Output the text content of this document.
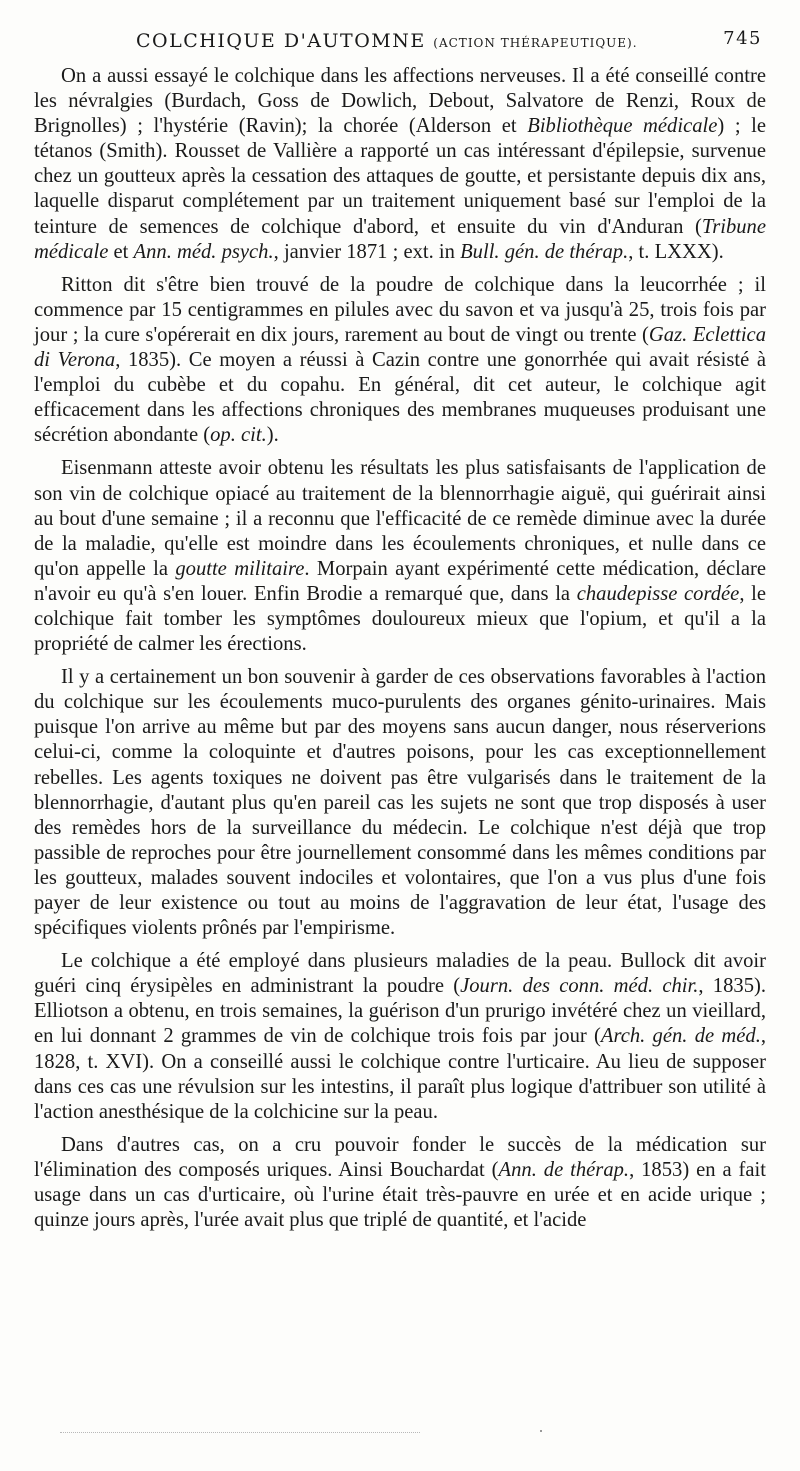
COLCHIQUE D'AUTOMNE (ACTION THÉRAPEUTIQUE).	745

On a aussi essayé le colchique dans les affections nerveuses. Il a été conseillé contre les névralgies (Burdach, Goss de Dowlich, Debout, Salvatore de Renzi, Roux de Brignolles) ; l'hystérie (Ravin); la chorée (Alderson et Bibliothèque médicale) ; le tétanos (Smith). Rousset de Vallière a rapporté un cas intéressant d'épilepsie, survenue chez un goutteux après la cessation des attaques de goutte, et persistante depuis dix ans, laquelle disparut complétement par un traitement uniquement basé sur l'emploi de la teinture de semences de colchique d'abord, et ensuite du vin d'Anduran (Tribune médicale et Ann. méd. psych., janvier 1871 ; ext. in Bull. gén. de thérap., t. LXXX).

Ritton dit s'être bien trouvé de la poudre de colchique dans la leucorrhée ; il commence par 15 centigrammes en pilules avec du savon et va jusqu'à 25, trois fois par jour ; la cure s'opérerait en dix jours, rarement au bout de vingt ou trente (Gaz. Eclettica di Verona, 1835). Ce moyen a réussi à Cazin contre une gonorrhée qui avait résisté à l'emploi du cubèbe et du copahu. En général, dit cet auteur, le colchique agit efficacement dans les affections chroniques des membranes muqueuses produisant une sécrétion abondante (op. cit.).

Eisenmann atteste avoir obtenu les résultats les plus satisfaisants de l'application de son vin de colchique opiacé au traitement de la blennorrhagie aiguë, qui guérirait ainsi au bout d'une semaine ; il a reconnu que l'efficacité de ce remède diminue avec la durée de la maladie, qu'elle est moindre dans les écoulements chroniques, et nulle dans ce qu'on appelle la goutte militaire. Morpain ayant expérimenté cette médication, déclare n'avoir eu qu'à s'en louer. Enfin Brodie a remarqué que, dans la chaudepisse cordée, le colchique fait tomber les symptômes douloureux mieux que l'opium, et qu'il a la propriété de calmer les érections.

Il y a certainement un bon souvenir à garder de ces observations favorables à l'action du colchique sur les écoulements muco-purulents des organes génito-urinaires. Mais puisque l'on arrive au même but par des moyens sans aucun danger, nous réserverions celui-ci, comme la coloquinte et d'autres poisons, pour les cas exceptionnellement rebelles. Les agents toxiques ne doivent pas être vulgarisés dans le traitement de la blennorrhagie, d'autant plus qu'en pareil cas les sujets ne sont que trop disposés à user des remèdes hors de la surveillance du médecin. Le colchique n'est déjà que trop passible de reproches pour être journellement consommé dans les mêmes conditions par les goutteux, malades souvent indociles et volontaires, que l'on a vus plus d'une fois payer de leur existence ou tout au moins de l'aggravation de leur état, l'usage des spécifiques violents prônés par l'empirisme.

Le colchique a été employé dans plusieurs maladies de la peau. Bullock dit avoir guéri cinq érysipèles en administrant la poudre (Journ. des conn. méd. chir., 1835). Elliotson a obtenu, en trois semaines, la guérison d'un prurigo invétéré chez un vieillard, en lui donnant 2 grammes de vin de colchique trois fois par jour (Arch. gén. de méd., 1828, t. XVI). On a conseillé aussi le colchique contre l'urticaire. Au lieu de supposer dans ces cas une révulsion sur les intestins, il paraît plus logique d'attribuer son utilité à l'action anesthésique de la colchicine sur la peau.

Dans d'autres cas, on a cru pouvoir fonder le succès de la médication sur l'élimination des composés uriques. Ainsi Bouchardat (Ann. de thérap., 1853) en a fait usage dans un cas d'urticaire, où l'urine était très-pauvre en urée et en acide urique ; quinze jours après, l'urée avait plus que triplé de quantité, et l'acide
